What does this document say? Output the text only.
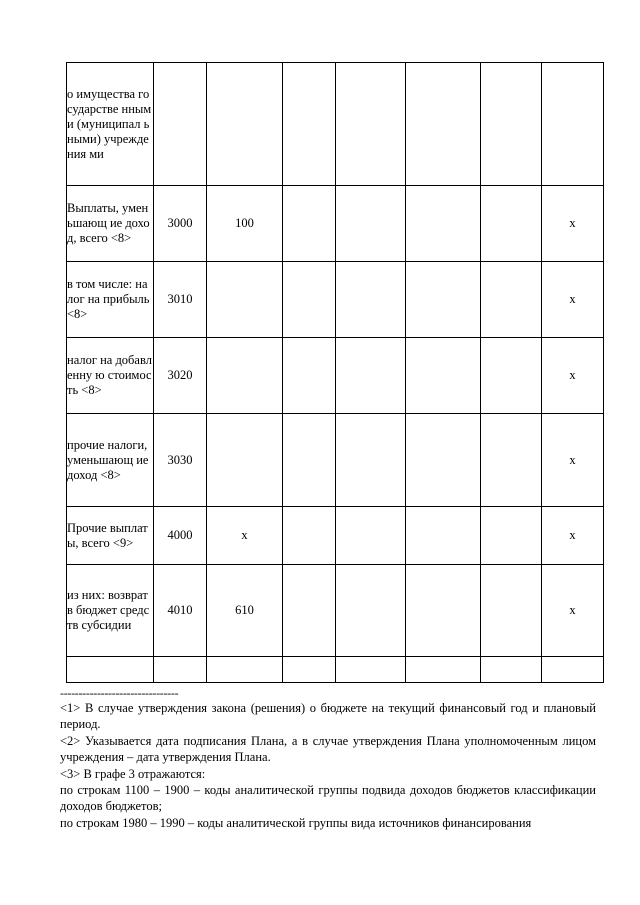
о имущества государстве нными (муниципал ьными) учреждения ми							
Выплаты, уменьшающ ие доход, всего <8>	3000	100					x
в том числе: налог на прибыль <8>	3010						x
налог на добавленну ю стоимость <8>	3020						x
прочие налоги, уменьшающ ие доход <8>	3030						x
Прочие выплаты, всего <9>	4000	x					x
из них: возврат в бюджет средств субсидии	4010	610					x

--------------------------------

<1> В случае утверждения закона (решения) о бюджете на текущий финансовый год и плановый период.

<2> Указывается дата подписания Плана, а в случае утверждения Плана уполномоченным лицом учреждения – дата утверждения Плана.

<3> В графе 3 отражаются:

по строкам 1100 – 1900 – коды аналитической группы подвида доходов бюджетов классификации доходов бюджетов;

по строкам 1980 – 1990 – коды аналитической группы вида источников финансирования
